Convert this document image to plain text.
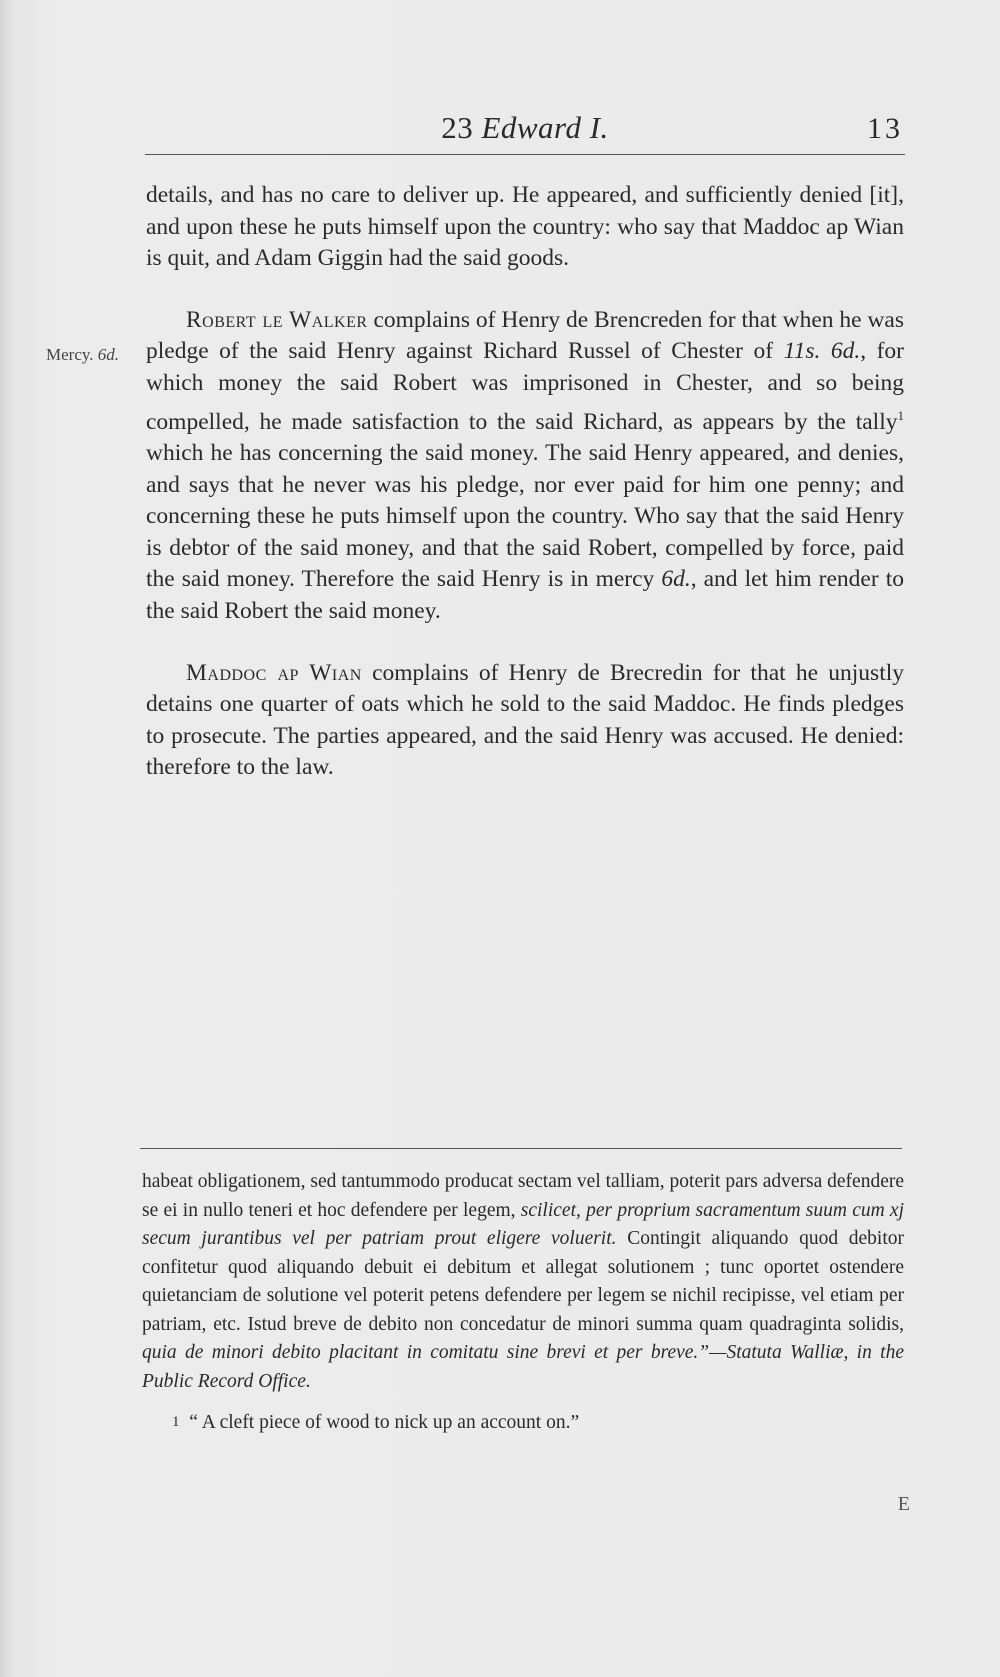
23 Edward I.	13
Mercy. 6d.

details, and has no care to deliver up. He appeared, and sufficiently denied [it], and upon these he puts himself upon the country: who say that Maddoc ap Wian is quit, and Adam Giggin had the said goods.

Robert le Walker complains of Henry de Brencreden for that when he was pledge of the said Henry against Richard Russel of Chester of 11s. 6d., for which money the said Robert was imprisoned in Chester, and so being compelled, he made satisfaction to the said Richard, as appears by the tally$^1$ which he has concerning the said money. The said Henry appeared, and denies, and says that he never was his pledge, nor ever paid for him one penny; and concerning these he puts himself upon the country. Who say that the said Henry is debtor of the said money, and that the said Robert, compelled by force, paid the said money. Therefore the said Henry is in mercy 6d., and let him render to the said Robert the said money.

Maddoc ap Wian complains of Henry de Brecredin for that he unjustly detains one quarter of oats which he sold to the said Maddoc. He finds pledges to prosecute. The parties appeared, and the said Henry was accused. He denied: therefore to the law.

habeat obligationem, sed tantummodo producat sectam vel talliam, poterit pars adversa defendere se ei in nullo teneri et hoc defendere per legem, scilicet, per proprium sacramentum suum cum xj secum jurantibus vel per patriam prout eligere voluerit. Contingit aliquando quod debitor confitetur quod aliquando debuit ei debitum et allegat solutionem ; tunc oportet ostendere quietanciam de solutione vel poterit petens defendere per legem se nichil recipisse, vel etiam per patriam, etc. Istud breve de debito non concedatur de minori summa quam quadraginta solidis, quia de minori debito placitant in comitatu sine brevi et per breve.”—Statuta Walliæ, in the Public Record Office.

1 “ A cleft piece of wood to nick up an account on.”

E
